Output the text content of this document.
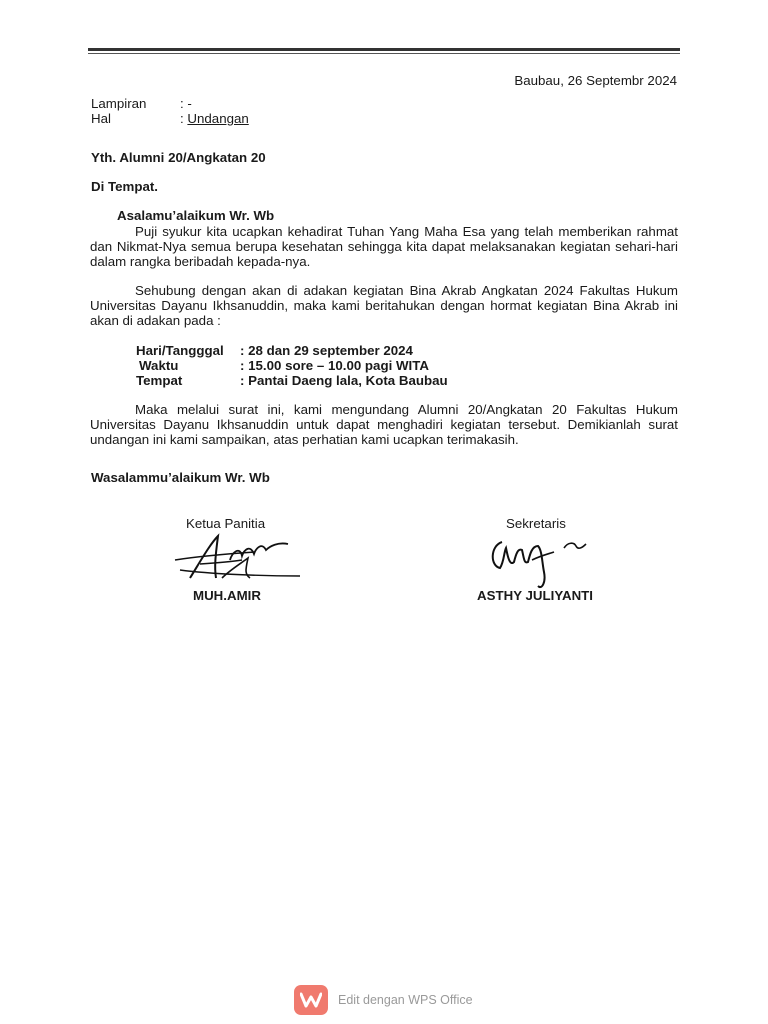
Baubau, 26 Septembr 2024
Lampiran	: -
Hal	: Undangan
Yth. Alumni 20/Angkatan 20
Di Tempat.
Asalamu’alaikum Wr. Wb
Puji syukur kita ucapkan kehadirat Tuhan Yang Maha Esa yang telah memberikan rahmat dan Nikmat-Nya semua berupa kesehatan sehingga kita dapat melaksanakan kegiatan sehari-hari dalam rangka beribadah kepada-nya.
Sehubung dengan akan di adakan kegiatan Bina Akrab Angkatan 2024 Fakultas Hukum Universitas Dayanu Ikhsanuddin, maka kami beritahukan dengan hormat kegiatan Bina Akrab ini akan di adakan pada :
Hari/Tangggal : 28 dan 29 september 2024
Waktu	: 15.00 sore – 10.00 pagi WITA
Tempat	: Pantai Daeng lala, Kota Baubau
Maka melalui surat ini, kami mengundang Alumni 20/Angkatan 20 Fakultas Hukum Universitas Dayanu Ikhsanuddin untuk dapat menghadiri kegiatan tersebut. Demikianlah surat undangan ini kami sampaikan, atas perhatian kami ucapkan terimakasih.
Wasalammu’alaikum Wr. Wb
Ketua Panitia	Sekretaris
MUH.AMIR	ASTHY JULIYANTI
Edit dengan WPS Office
